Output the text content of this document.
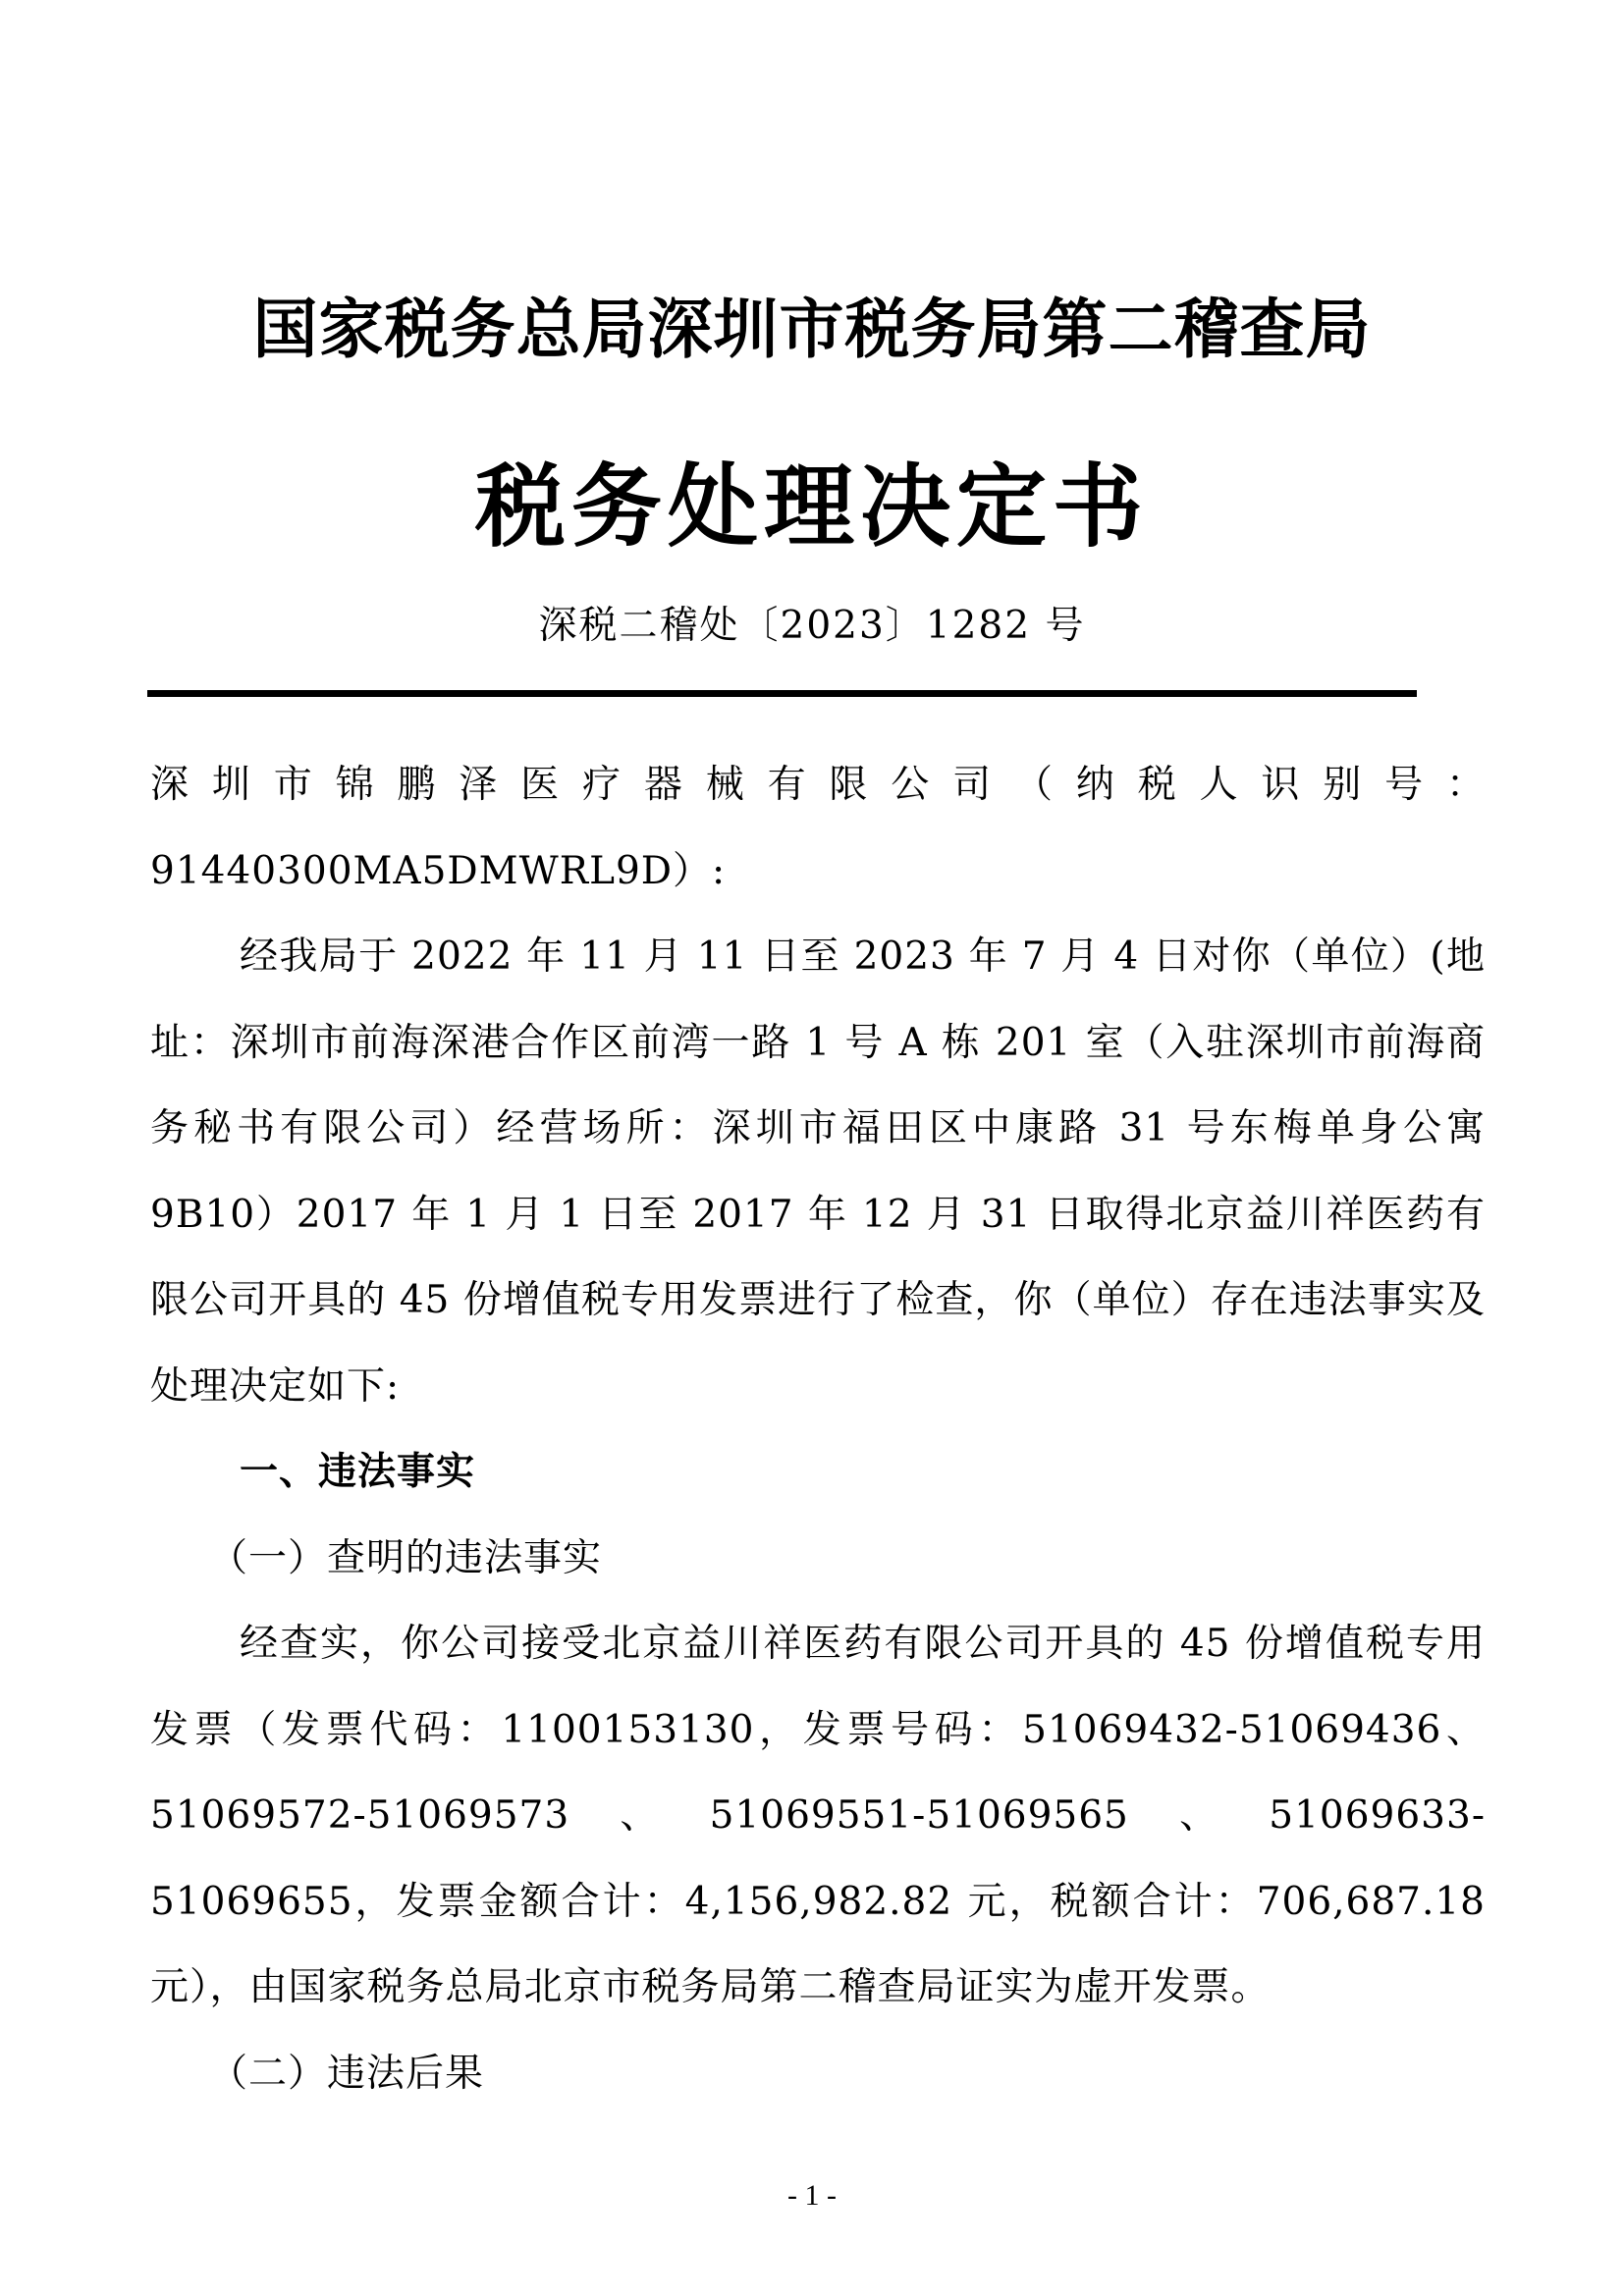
国家税务总局深圳市税务局第二稽查局
税务处理决定书
深税二稽处〔2023〕1282 号

深圳市锦鹏泽医疗器械有限公司（纳税人识别号：91440300MA5DMWRL9D）:

经我局于 2022 年 11 月 11 日至 2023 年 7 月 4 日对你（单位）(地址：深圳市前海深港合作区前湾一路 1 号 A 栋 201 室（入驻深圳市前海商务秘书有限公司）经营场所：深圳市福田区中康路 31 号东梅单身公寓 9B10）2017 年 1 月 1 日至 2017 年 12 月 31 日取得北京益川祥医药有限公司开具的 45 份增值税专用发票进行了检查，你（单位）存在违法事实及处理决定如下:

一、违法事实

（一）查明的违法事实

经查实，你公司接受北京益川祥医药有限公司开具的 45 份增值税专用发票（发票代码：1100153130，发票号码：51069432-51069436、51069572-51069573、51069551-51069565、51069633-51069655，发票金额合计：4,156,982.82 元，税额合计：706,687.18 元），由国家税务总局北京市税务局第二稽查局证实为虚开发票。

（二）违法后果

- 1 -
